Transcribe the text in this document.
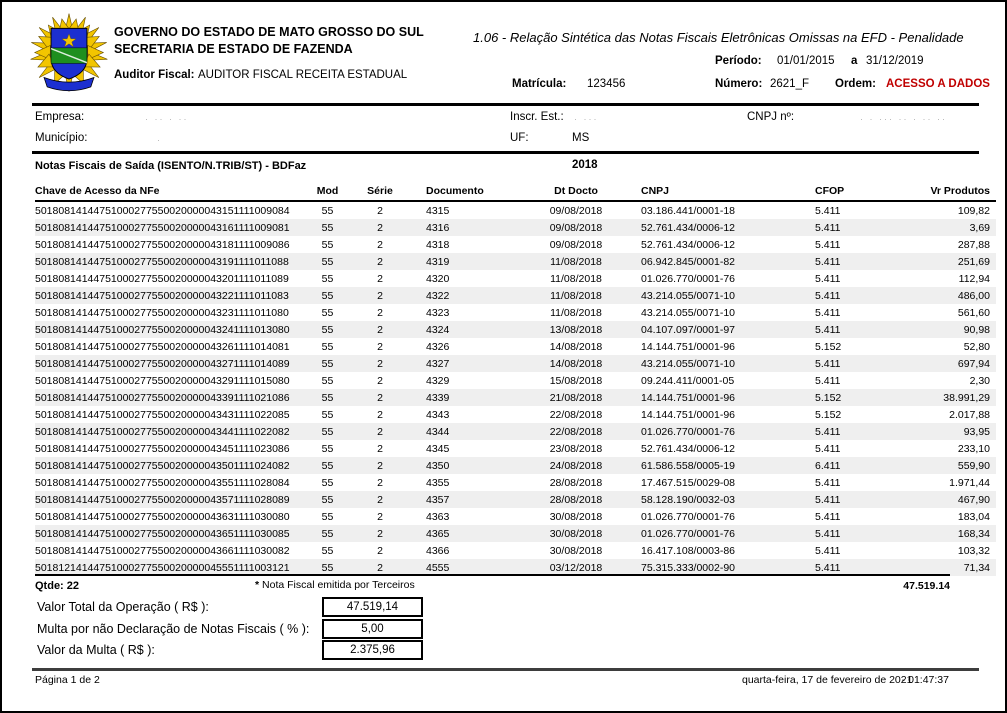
GOVERNO DO ESTADO DE MATO GROSSO DO SUL
SECRETARIA DE ESTADO DE FAZENDA
Auditor Fiscal: AUDITOR FISCAL RECEITA ESTADUAL
1.06 - Relação Sintética das Notas Fiscais Eletrônicas Omissas na EFD - Penalidade
Período: 01/01/2015 a 31/12/2019
Matrícula: 123456	Número: 2621_F Ordem: ACESSO A DADOS
Empresa:	· ·· · ··	Inscr. Est.: · ···	CNPJ nº:	· · ··· ·· · ·· ··
Município:	·	UF:	MS
Notas Fiscais de Saída (ISENTO/N.TRIB/ST) - BDFaz	2018
Chave de Acesso da NFe	Mod	Série	Documento	Dt Docto	CNPJ	CFOP	Vr Produtos
50180814144751000277550020000043151111009084	55	2	4315	09/08/2018	03.186.441/0001-18	5.411	109,82
50180814144751000277550020000043161111009081	55	2	4316	09/08/2018	52.761.434/0006-12	5.411	3,69
50180814144751000277550020000043181111009086	55	2	4318	09/08/2018	52.761.434/0006-12	5.411	287,88
50180814144751000277550020000043191111011088	55	2	4319	11/08/2018	06.942.845/0001-82	5.411	251,69
50180814144751000277550020000043201111011089	55	2	4320	11/08/2018	01.026.770/0001-76	5.411	112,94
50180814144751000277550020000043221111011083	55	2	4322	11/08/2018	43.214.055/0071-10	5.411	486,00
50180814144751000277550020000043231111011080	55	2	4323	11/08/2018	43.214.055/0071-10	5.411	561,60
50180814144751000277550020000043241111013080	55	2	4324	13/08/2018	04.107.097/0001-97	5.411	90,98
50180814144751000277550020000043261111014081	55	2	4326	14/08/2018	14.144.751/0001-96	5.152	52,80
50180814144751000277550020000043271111014089	55	2	4327	14/08/2018	43.214.055/0071-10	5.411	697,94
50180814144751000277550020000043291111015080	55	2	4329	15/08/2018	09.244.411/0001-05	5.411	2,30
50180814144751000277550020000043391111021086	55	2	4339	21/08/2018	14.144.751/0001-96	5.152	38.991,29
50180814144751000277550020000043431111022085	55	2	4343	22/08/2018	14.144.751/0001-96	5.152	2.017,88
50180814144751000277550020000043441111022082	55	2	4344	22/08/2018	01.026.770/0001-76	5.411	93,95
50180814144751000277550020000043451111023086	55	2	4345	23/08/2018	52.761.434/0006-12	5.411	233,10
50180814144751000277550020000043501111024082	55	2	4350	24/08/2018	61.586.558/0005-19	6.411	559,90
50180814144751000277550020000043551111028084	55	2	4355	28/08/2018	17.467.515/0029-08	5.411	1.971,44
50180814144751000277550020000043571111028089	55	2	4357	28/08/2018	58.128.190/0032-03	5.411	467,90
50180814144751000277550020000043631111030080	55	2	4363	30/08/2018	01.026.770/0001-76	5.411	183,04
50180814144751000277550020000043651111030085	55	2	4365	30/08/2018	01.026.770/0001-76	5.411	168,34
50180814144751000277550020000043661111030082	55	2	4366	30/08/2018	16.417.108/0003-86	5.411	103,32
50181214144751000277550020000045551111003121	55	2	4555	03/12/2018	75.315.333/0002-90	5.411	71,34
Qtde: 22	* Nota Fiscal emitida por Terceiros	47.519.14
Valor Total da Operação ( R$ ):	47.519,14
Multa por não Declaração de Notas Fiscais ( % ):	5,00
Valor da Multa ( R$ ):	2.375,96
Página 1 de 2	quarta-feira, 17 de fevereiro de 2021
- 01:47:37
